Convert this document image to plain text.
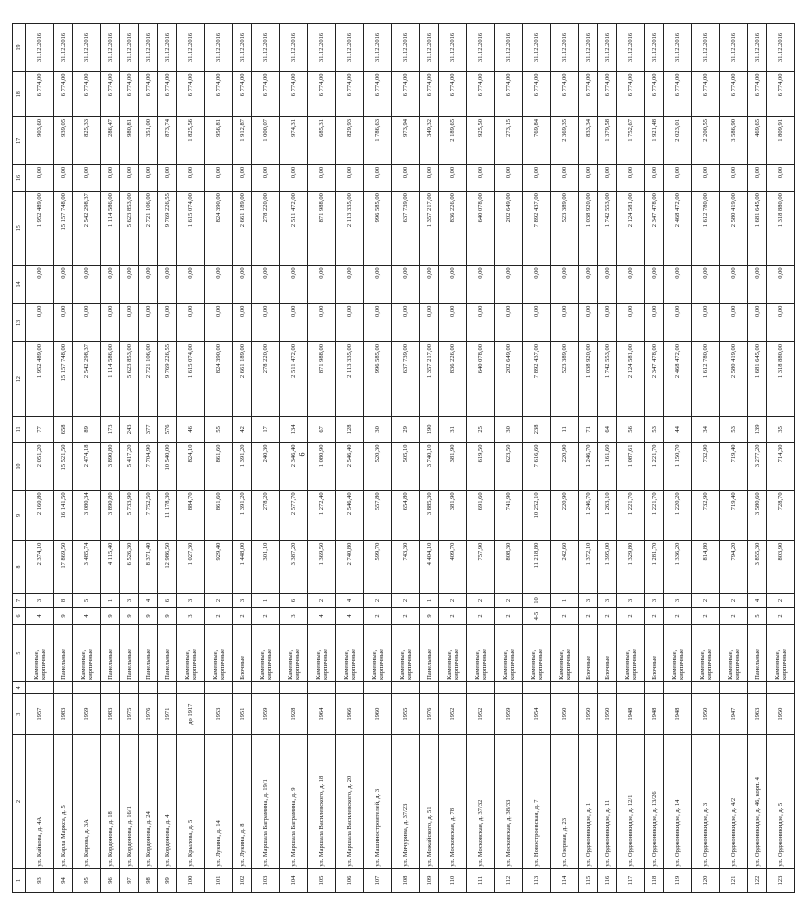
6
1	2	3	4	5	6	7	8	9	10	11	12	13	14	15	16	17	18	19
93	ул. Кайкова, д. 4А	1957		Каменные, кирпичные	4	3	2 374,10	2 160,80	2 051,20	77	1 952 489,00	0,00	0,00	1 952 489,00	0,00	903,60	6 774,00	31.12.2016
94	ул. Карла Маркса, д. 5	1983		Панельные	9	8	17 869,50	16 141,50	15 521,50	658	15 157 748,00	0,00	0,00	15 157 748,00	0,00	939,05	6 774,00	31.12.2016
95	ул. Кирова, д. 3А	1959		Каменные, кирпичные	4	5	3 485,74	3 080,34	2 474,18	89	2 542 298,37	0,00	0,00	2 542 298,37	0,00	825,33	6 774,00	31.12.2016
96	ул. Кордонова, д. 18	1983		Панельные	9	1	4 115,40	3 890,80	3 890,80	173	1 114 586,00	0,00	0,00	1 114 586,00	0,00	286,47	6 774,00	31.12.2016
97	ул. Кордонова, д. 16/1	1975		Панельные	9	3	6 526,30	5 733,90	5 417,20	243	5 623 853,00	0,00	0,00	5 623 853,00	0,00	980,81	6 774,00	31.12.2016
98	ул. Кордонова, д. 24	1976		Панельные	9	4	8 371,40	7 752,50	7 704,90	377	2 721 106,00	0,00	0,00	2 721 106,00	0,00	351,00	6 774,00	31.12.2016
99	ул. Кордонова, д. 4	1971		Панельные	9	6	12 986,50	11 178,30	10 540,00	576	9 769 226,55	0,00	0,00	9 769 226,55	0,00	873,74	6 774,00	31.12.2016
100	ул. Крылова, д. 5	до 1917		Каменные, кирпичные	3	3	1 027,30	884,70	824,10	46	1 615 074,00	0,00	0,00	1 615 074,00	0,00	1 825,56	6 774,00	31.12.2016
101	ул. Лукина, д. 14	1953		Каменные, кирпичные	2	2	929,40	861,60	861,60	55	824 390,00	0,00	0,00	824 390,00	0,00	956,81	6 774,00	31.12.2016
102	ул. Лукина, д. 8	1951		Блочные	2	3	1 448,00	1 391,20	1 391,20	42	2 661 189,00	0,00	0,00	2 661 189,00	0,00	1 912,87	6 774,00	31.12.2016
103	ул. Маршала Баграмяна, д. 19/1	1959		Каменные, кирпичные	2	1	301,10	278,20	240,30	17	278 220,00	0,00	0,00	278 220,00	0,00	1 000,07	6 774,00	31.12.2016
104	ул. Маршала Баграмяна, д. 9	1928		Каменные, кирпичные	3	6	3 387,20	2 577,70	2 346,40	134	2 511 472,00	0,00	0,00	2 511 472,00	0,00	974,31	6 774,00	31.12.2016
105	ул. Маршала Василевского, д. 18	1964		Каменные, кирпичные	4	2	1 369,50	1 272,40	1 080,90	67	871 988,00	0,00	0,00	871 988,00	0,00	685,31	6 774,00	31.12.2016
106	ул. Маршала Василевского, д. 20	1966		Каменные, кирпичные	4	4	2 740,80	2 546,40	2 546,40	128	2 113 335,00	0,00	0,00	2 113 335,00	0,00	829,93	6 774,00	31.12.2016
107	ул. Машиностроителей, д. 3	1960		Каменные, кирпичные	2	2	599,70	557,80	520,30	30	996 585,00	0,00	0,00	996 585,00	0,00	1 786,63	6 774,00	31.12.2016
108	ул. Мичурина, д. 37/23	1955		Каменные, кирпичные	2	2	743,30	654,80	505,10	29	637 739,00	0,00	0,00	637 739,00	0,00	973,94	6 774,00	31.12.2016
109	ул. Можайского, д. 51	1976		Панельные	9	1	4 404,10	3 885,30	3 740,10	190	1 357 217,00	0,00	0,00	1 357 217,00	0,00	349,32	6 774,00	31.12.2016
110	ул. Московская, д. 78	1952		Каменные, кирпичные	2	2	409,70	381,90	381,90	31	836 226,00	0,00	0,00	836 226,00	0,00	2 189,65	6 774,00	31.12.2016
111	ул. Московская, д. 37/32	1952		Каменные, кирпичные	2	2	757,90	691,60	619,50	25	640 078,00	0,00	0,00	640 078,00	0,00	925,50	6 774,00	31.12.2016
112	ул. Московская, д. 38/33	1959		Каменные, кирпичные	2	2	808,30	741,90	623,50	30	202 649,00	0,00	0,00	202 649,00	0,00	273,15	6 774,00	31.12.2016
113	ул. Новостроевская, д. 7	1954		Каменные, кирпичные	4-5	10	11 218,80	10 252,10	7 616,60	238	7 892 437,00	0,00	0,00	7 892 437,00	0,00	769,84	6 774,00	31.12.2016
114	ул. Озерная, д. 23	1950		Каменные, кирпичные	2	1	242,60	220,90	220,90	11	523 389,00	0,00	0,00	523 389,00	0,00	2 369,35	6 774,00	31.12.2016
115	ул. Орджоникидзе, д. 1	1950		Блочные	2	3	1 372,10	1 246,70	1 246,70	71	1 038 920,00	0,00	0,00	1 038 920,00	0,00	833,34	6 774,00	31.12.2016
116	ул. Орджоникидзе, д. 11	1950		Блочные	2	3	1 395,00	1 263,10	1 161,60	64	1 742 553,00	0,00	0,00	1 742 553,00	0,00	1 379,58	6 774,00	31.12.2016
117	ул. Орджоникидзе, д. 12/1	1948		Каменные, кирпичные	2	3	1 329,80	1 221,70	1 087,61	56	2 124 581,00	0,00	0,00	2 124 581,00	0,00	1 752,67	6 774,00	31.12.2016
118	ул. Орджоникидзе, д. 13/26	1948		Блочные	2	3	1 281,70	1 221,70	1 221,70	53	2 347 478,00	0,00	0,00	2 347 478,00	0,00	1 921,48	6 774,00	31.12.2016
119	ул. Орджоникидзе, д. 14	1948		Каменные, кирпичные	2	3	1 336,20	1 220,20	1 150,70	44	2 468 472,00	0,00	0,00	2 468 472,00	0,00	2 023,01	6 774,00	31.12.2016
120	ул. Орджоникидзе, д. 3	1950		Каменные, кирпичные	2	2	814,80	732,90	732,90	34	1 612 780,00	0,00	0,00	1 612 780,00	0,00	2 200,55	6 774,00	31.12.2016
121	ул. Орджоникидзе, д. 4/2	1947		Каменные, кирпичные	2	2	794,20	719,40	719,40	53	2 580 419,00	0,00	0,00	2 580 419,00	0,00	3 586,90	6 774,00	31.12.2016
122	ул. Орджоникидзе, д. 46, корп. 4	1963		Панельные	5	4	3 855,30	3 580,60	3 277,20	139	1 681 645,00	0,00	0,00	1 681 645,00	0,00	469,65	6 774,00	31.12.2016
123	ул. Орджоникидзе, д. 5	1950		Каменные, кирпичные	2	2	803,90	728,70	714,30	35	1 318 880,00	0,00	0,00	1 318 880,00	0,00	1 809,91	6 774,00	31.12.2016
